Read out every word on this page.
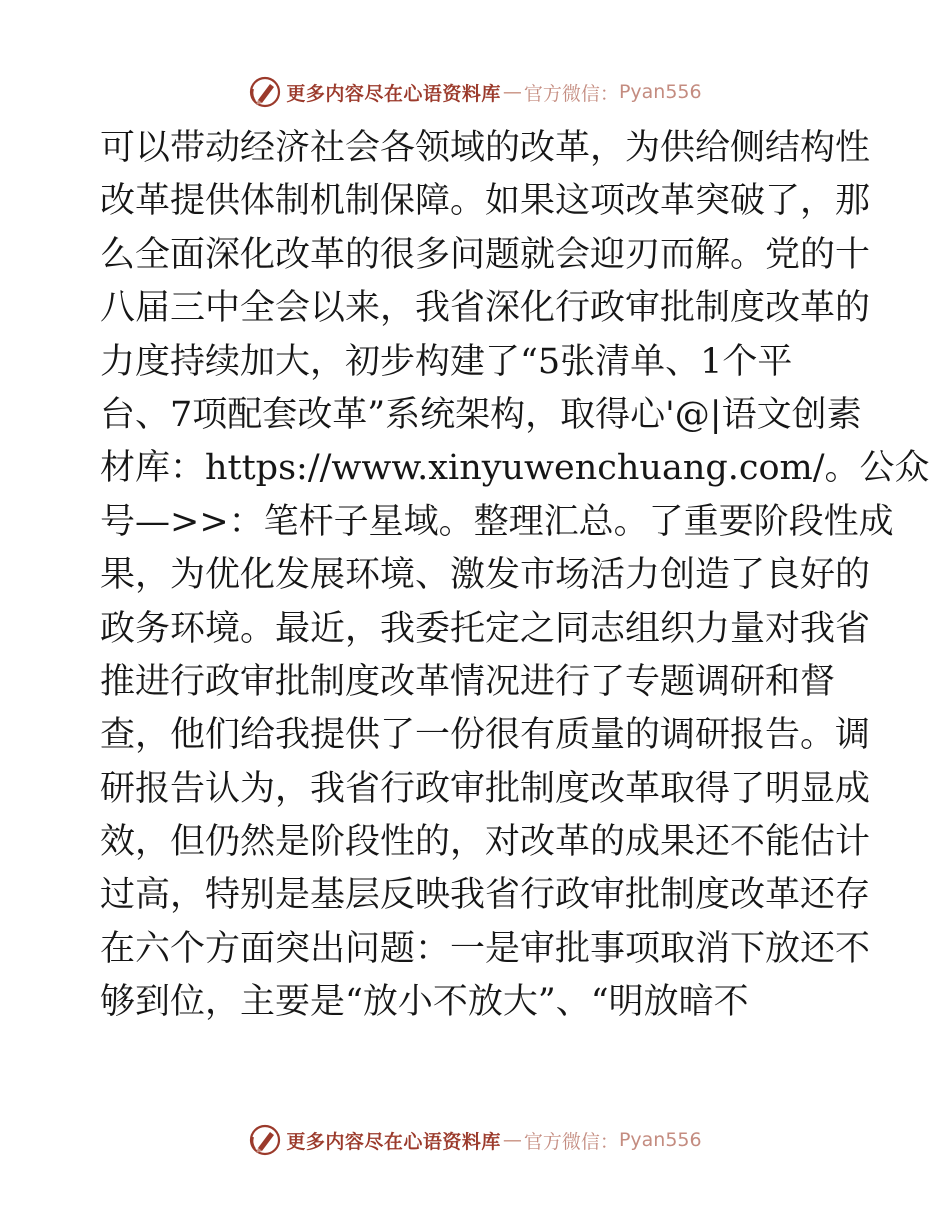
更多内容尽在心语资料库 — 官方微信： Pyan556
可以带动经济社会各领域的改革，为供给侧结构性
改革提供体制机制保障。如果这项改革突破了，那
么全面深化改革的很多问题就会迎刃而解。党的十
八届三中全会以来，我省深化行政审批制度改革的
力度持续加大，初步构建了“5张清单、1个平
台、7项配套改革”系统架构，取得心'@|语文创素
材库：https://www.xinyuwenchuang.com/。公众
号—>>：笔杆子星域。整理汇总。了重要阶段性成
果，为优化发展环境、激发市场活力创造了良好的
政务环境。最近，我委托定之同志组织力量对我省
推进行政审批制度改革情况进行了专题调研和督
查，他们给我提供了一份很有质量的调研报告。调
研报告认为，我省行政审批制度改革取得了明显成
效，但仍然是阶段性的，对改革的成果还不能估计
过高，特别是基层反映我省行政审批制度改革还存
在六个方面突出问题：一是审批事项取消下放还不
够到位，主要是“放小不放大”、“明放暗不
更多内容尽在心语资料库 — 官方微信： Pyan556
